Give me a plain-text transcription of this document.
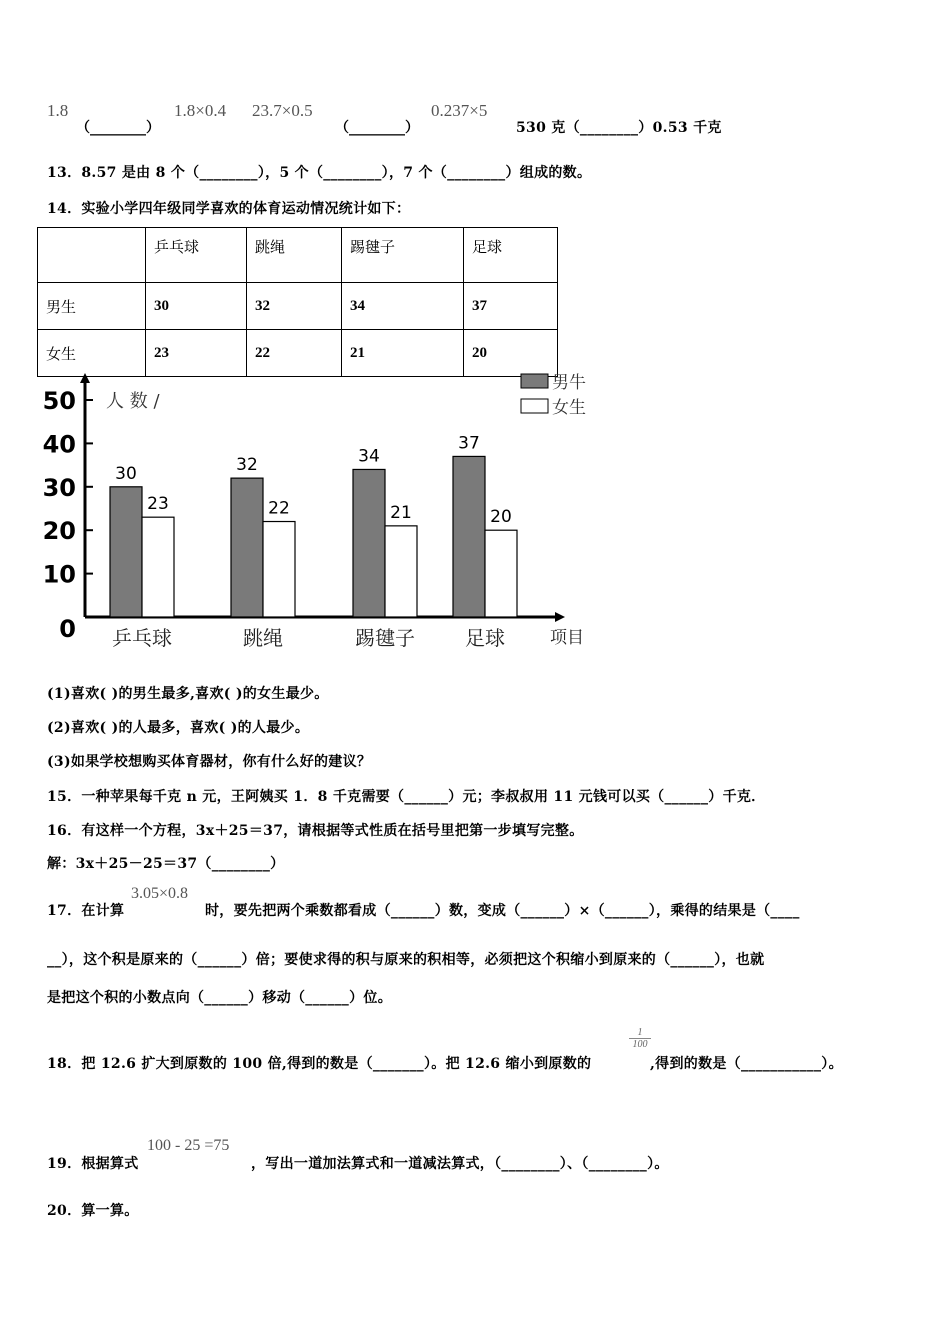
1.8	1.8×0.4 23.7×0.5	0.237×5
（________）	（________）	530 克（________）0.53 千克
13．8.57 是由 8 个（________），5 个（________），7 个（________）组成的数。
14．实验小学四年级同学喜欢的体育运动情况统计如下：
	乒乓球	跳绳	踢毽子	足球
男生	30	32	34	37
女生	23	22	21	20
0
10
20
30
40
50 人 数 /
30
23
乒乓球
32
22
跳绳
34
21
踢毽子
37
20
足球	项目
男牛
女生
(1)喜欢( )的男生最多,喜欢( )的女生最少。
(2)喜欢( )的人最多，喜欢( )的人最少。
(3)如果学校想购买体育器材，你有什么好的建议？
15．一种苹果每千克 n 元，王阿姨买 1．8 千克需要（______）元；李叔叔用 11 元钱可以买（______）千克．
16．有这样一个方程，3x＋25＝37，请根据等式性质在括号里把第一步填写完整。
解：3x＋25－25＝37（________）
17．在计算
3.05×0.8
时，要先把两个乘数都看成（______）数，变成（______）×（______），乘得的结果是（____
__），这个积是原来的（______）倍；要使求得的积与原来的积相等，必须把这个积缩小到原来的（______），也就
是把这个积的小数点向（______）移动（______）位。
18．把 12.6 扩大到原数的 100 倍,得到的数是（_______）。把 12.6 缩小到原数的
$\frac{1}{100}$
,得到的数是（___________）。
19．根据算式
100 - 25 =75
，写出一道加法算式和一道减法算式，（________）、（________）。
20．算一算。
